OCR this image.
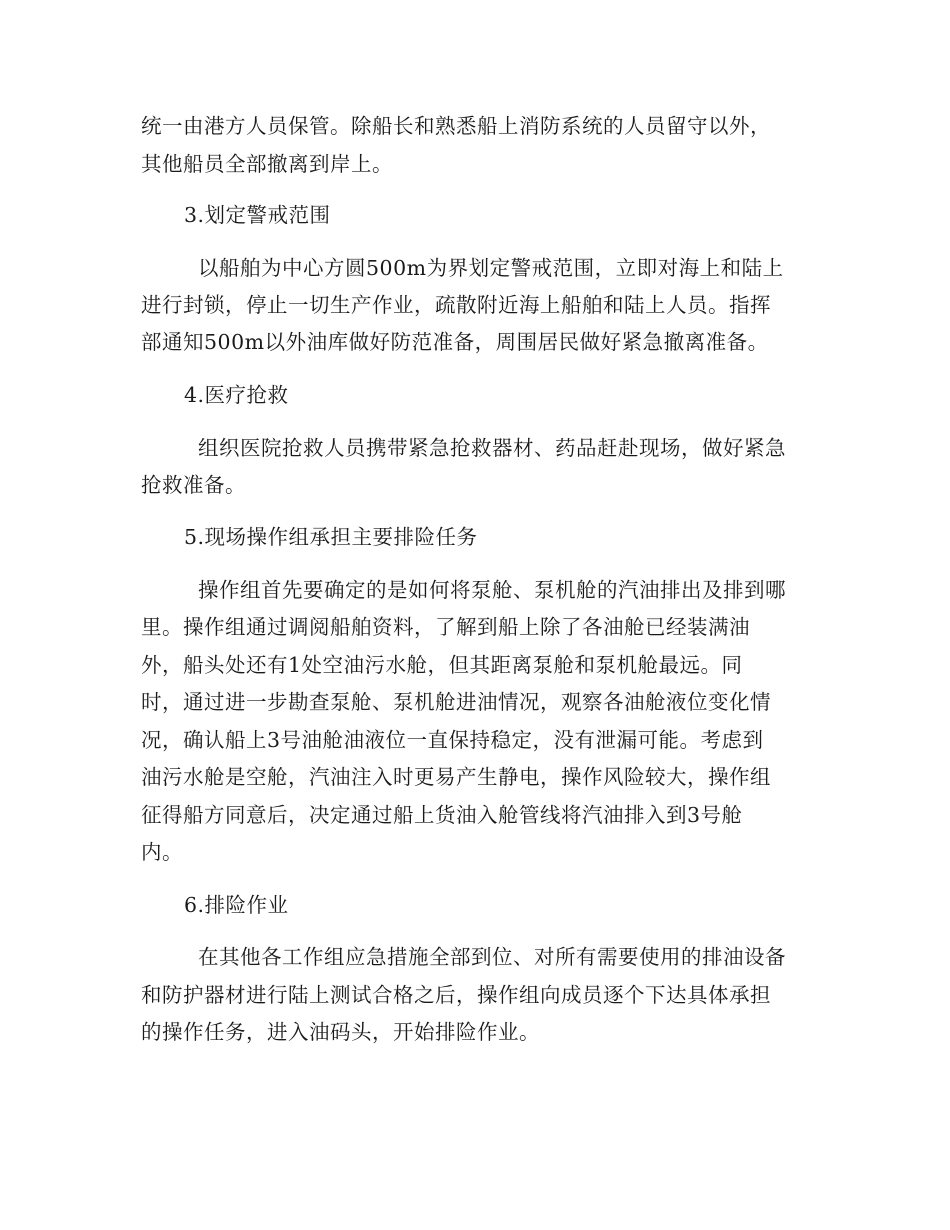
统一由港方人员保管。除船长和熟悉船上消防系统的人员留守以外，
其他船员全部撤离到岸上。
3.划定警戒范围
以船舶为中心方圆500m为界划定警戒范围，立即对海上和陆上
进行封锁，停止一切生产作业，疏散附近海上船舶和陆上人员。指挥
部通知500m以外油库做好防范准备，周围居民做好紧急撤离准备。
4.医疗抢救
组织医院抢救人员携带紧急抢救器材、药品赶赴现场，做好紧急
抢救准备。
5.现场操作组承担主要排险任务
操作组首先要确定的是如何将泵舱、泵机舱的汽油排出及排到哪
里。操作组通过调阅船舶资料，了解到船上除了各油舱已经装满油
外，船头处还有1处空油污水舱，但其距离泵舱和泵机舱最远。同
时，通过进一步勘查泵舱、泵机舱进油情况，观察各油舱液位变化情
况，确认船上3号油舱油液位一直保持稳定，没有泄漏可能。考虑到
油污水舱是空舱，汽油注入时更易产生静电，操作风险较大，操作组
征得船方同意后，决定通过船上货油入舱管线将汽油排入到3号舱
内。
6.排险作业
在其他各工作组应急措施全部到位、对所有需要使用的排油设备
和防护器材进行陆上测试合格之后，操作组向成员逐个下达具体承担
的操作任务，进入油码头，开始排险作业。
